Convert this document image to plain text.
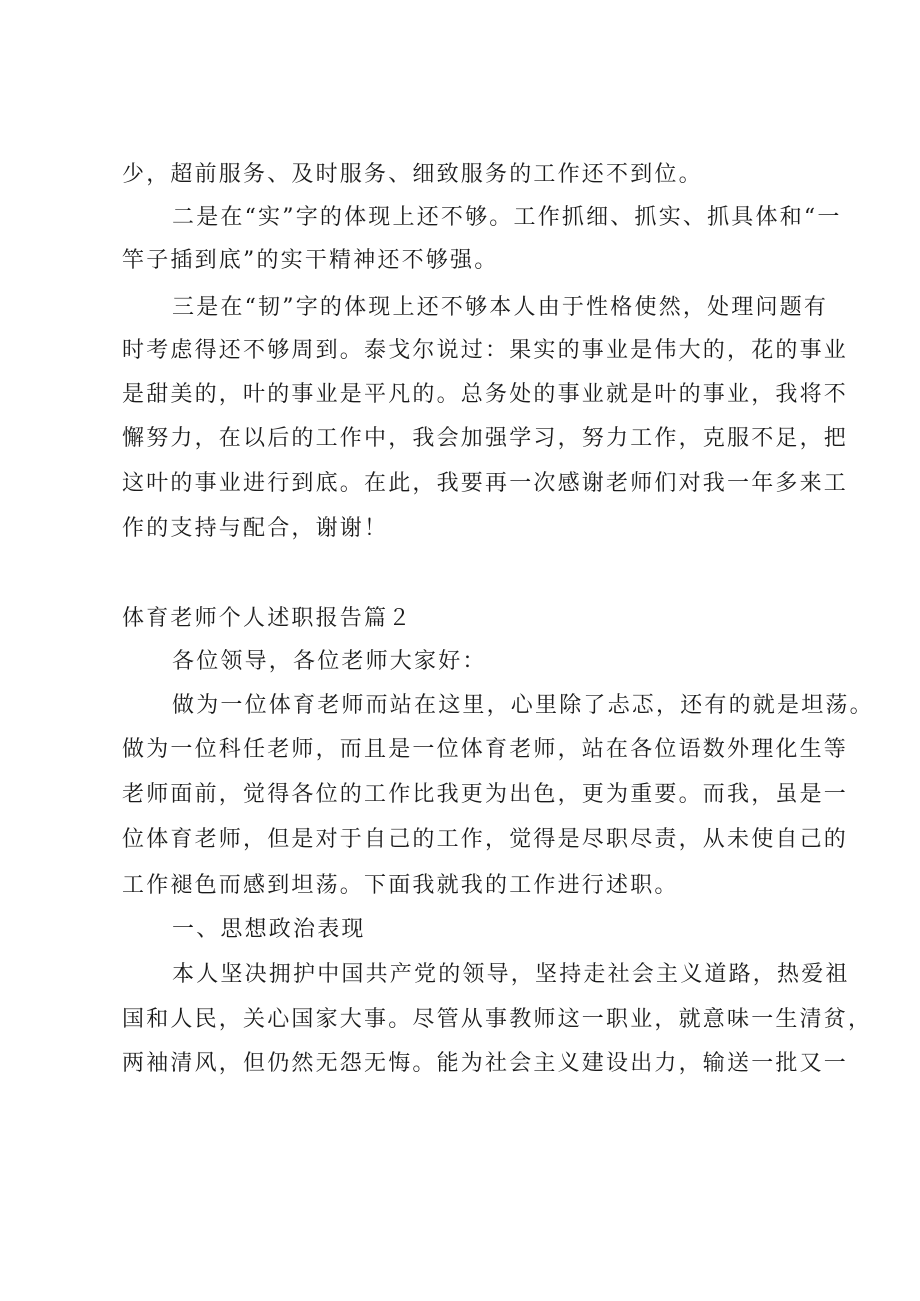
少，超前服务、及时服务、细致服务的工作还不到位。
二是在“实”字的体现上还不够。工作抓细、抓实、抓具体和“一
竿子插到底”的实干精神还不够强。
三是在“韧”字的体现上还不够本人由于性格使然，处理问题有
时考虑得还不够周到。泰戈尔说过：果实的事业是伟大的，花的事业
是甜美的，叶的事业是平凡的。总务处的事业就是叶的事业，我将不
懈努力，在以后的工作中，我会加强学习，努力工作，克服不足，把
这叶的事业进行到底。在此，我要再一次感谢老师们对我一年多来工
作的支持与配合，谢谢！
体育老师个人述职报告篇２
各位领导，各位老师大家好：
做为一位体育老师而站在这里，心里除了忐忑，还有的就是坦荡。
做为一位科任老师，而且是一位体育老师，站在各位语数外理化生等
老师面前，觉得各位的工作比我更为出色，更为重要。而我，虽是一
位体育老师，但是对于自己的工作，觉得是尽职尽责，从未使自己的
工作褪色而感到坦荡。下面我就我的工作进行述职。
一、思想政治表现
本人坚决拥护中国共产党的领导，坚持走社会主义道路，热爱祖
国和人民，关心国家大事。尽管从事教师这一职业，就意味一生清贫，
两袖清风，但仍然无怨无悔。能为社会主义建设出力，输送一批又一
